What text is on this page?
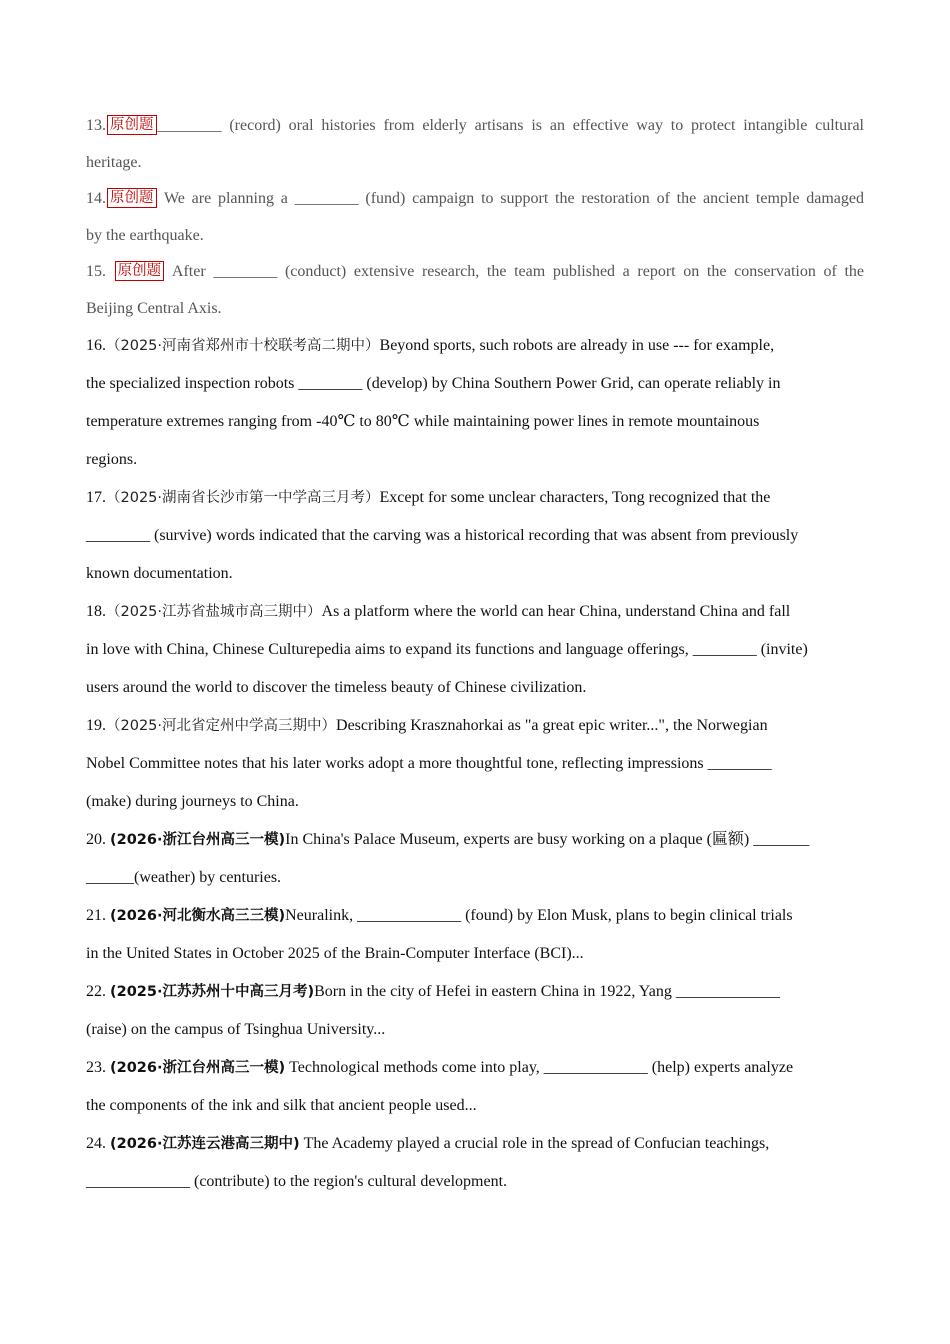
13. 原创题 ________ (record) oral histories from elderly artisans is an effective way to protect intangible cultural
heritage.
14. 原创题 We are planning a ________ (fund) campaign to support the restoration of the ancient temple damaged
by the earthquake.
15. 原创题 After ________ (conduct) extensive research, the team published a report on the conservation of the
Beijing Central Axis.
16.（2025·河南省郑州市十校联考高二期中）Beyond sports, such robots are already in use --- for example,
the specialized inspection robots ________ (develop) by China Southern Power Grid, can operate reliably in
temperature extremes ranging from -40℃ to 80℃ while maintaining power lines in remote mountainous
regions.
17.（2025·湖南省长沙市第一中学高三月考）Except for some unclear characters, Tong recognized that the
________ (survive) words indicated that the carving was a historical recording that was absent from previously
known documentation.
18.（2025·江苏省盐城市高三期中）As a platform where the world can hear China, understand China and fall
in love with China, Chinese Culturepedia aims to expand its functions and language offerings, ________ (invite)
users around the world to discover the timeless beauty of Chinese civilization.
19.（2025·河北省定州中学高三期中）Describing Krasznahorkai as "a great epic writer...", the Norwegian
Nobel Committee notes that his later works adopt a more thoughtful tone, reflecting impressions ________
(make) during journeys to China.
20. (2026·浙江台州高三一模)In China's Palace Museum, experts are busy working on a plaque (匾额) _______
______(weather) by centuries.
21. (2026·河北衡水高三三模)Neuralink, _____________ (found) by Elon Musk, plans to begin clinical trials
in the United States in October 2025 of the Brain-Computer Interface (BCI)...
22. (2025·江苏苏州十中高三月考)Born in the city of Hefei in eastern China in 1922, Yang _____________
(raise) on the campus of Tsinghua University...
23. (2026·浙江台州高三一模) Technological methods come into play, _____________ (help) experts analyze
the components of the ink and silk that ancient people used...
24. (2026·江苏连云港高三期中) The Academy played a crucial role in the spread of Confucian teachings,
_____________ (contribute) to the region's cultural development.
